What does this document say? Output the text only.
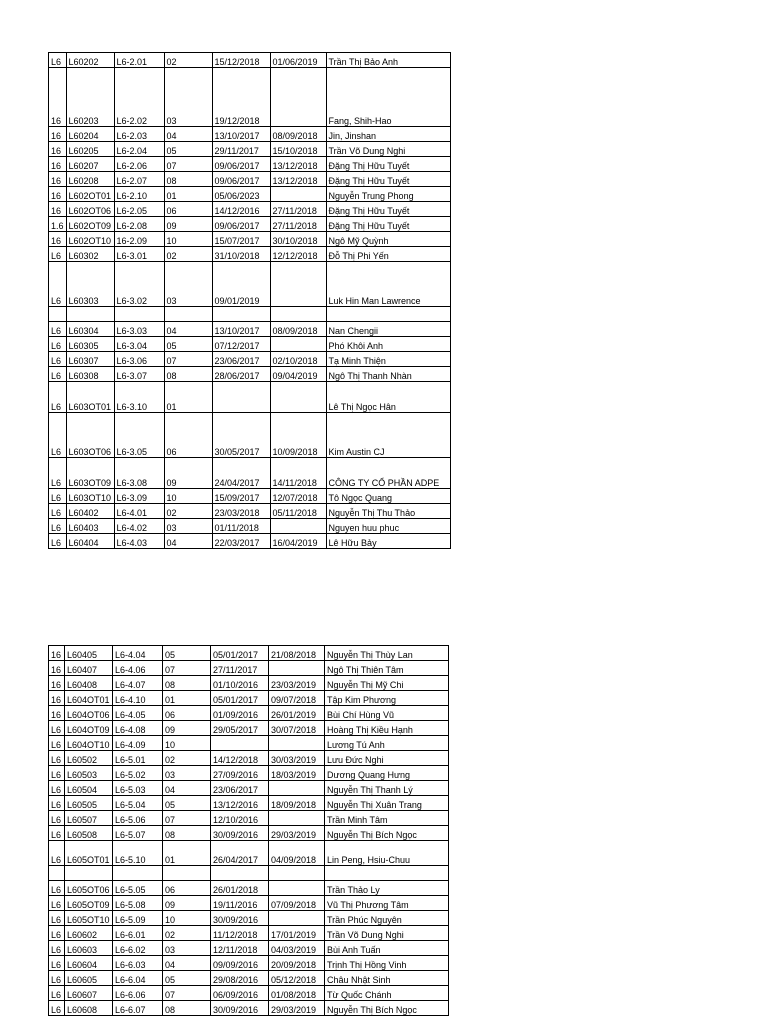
L6	L60202	L6-2.01	02	15/12/2018	01/06/2019	Trần Thị Bảo Anh
16	L60203	L6-2.02	03	19/12/2018		Fang, Shih-Hao
16	L60204	L6-2.03	04	13/10/2017	08/09/2018	Jin, Jinshan
16	L60205	L6-2.04	05	29/11/2017	15/10/2018	Trần Võ Dung Nghi
16	L60207	L6-2.06	07	09/06/2017	13/12/2018	Đặng Thị Hữu Tuyết
16	L60208	L6-2.07	08	09/06/2017	13/12/2018	Đặng Thị Hữu Tuyết
16	L602OT01	L6-2.10	01	05/06/2023		Nguyễn Trung Phong
16	L602OT06	L6-2.05	06	14/12/2016	27/11/2018	Đặng Thị Hữu Tuyết
1.6	L602OT09	L6-2.08	09	09/06/2017	27/11/2018	Đặng Thị Hữu Tuyết
16	L602OT10	16-2.09	10	15/07/2017	30/10/2018	Ngô Mỹ Quỳnh
L6	L60302	L6-3.01	02	31/10/2018	12/12/2018	Đỗ Thị Phi Yến
L6	L60303	L6-3.02	03	09/01/2019		Luk Hin Man Lawrence

L6	L60304	L6-3.03	04	13/10/2017	08/09/2018	Nan Chengii
L6	L60305	L6-3.04	05	07/12/2017		Phó Khôi Anh
L6	L60307	L6-3.06	07	23/06/2017	02/10/2018	Tạ Minh Thiện
L6	L60308	L6-3.07	08	28/06/2017	09/04/2019	Ngô Thị Thanh Nhàn
L6	L603OT01	L6-3.10	01			Lê Thị Ngọc Hân
L6	L603OT06	L6-3.05	06	30/05/2017	10/09/2018	Kim Austin CJ
L6	L603OT09	L6-3.08	09	24/04/2017	14/11/2018	CÔNG TY CỔ PHẦN ADPE
L6	L603OT10	L6-3.09	10	15/09/2017	12/07/2018	Tô Ngọc Quang
L6	L60402	L6-4.01	02	23/03/2018	05/11/2018	Nguyễn Thị Thu Thảo
L6	L60403	L6-4.02	03	01/11/2018		Nguyen huu phuc
L6	L60404	L6-4.03	04	22/03/2017	16/04/2019	Lê Hữu Bảy
16	L60405	L6-4.04	05	05/01/2017	21/08/2018	Nguyễn Thị Thùy Lan
16	L60407	L6-4.06	07	27/11/2017		Ngô Thị Thiên Tâm
16	L60408	L6-4.07	08	01/10/2016	23/03/2019	Nguyễn Thị Mỹ Chi
16	L604OT01	L6-4.10	01	05/01/2017	09/07/2018	Tập Kim Phương
16	L604OT06	L6-4.05	06	01/09/2016	26/01/2019	Bùi Chí Hùng Vũ
L6	L604OT09	L6-4.08	09	29/05/2017	30/07/2018	Hoàng Thị Kiều Hạnh
L6	L604OT10	L6-4.09	10			Lương Tú Anh
L6	L60502	L6-5.01	02	14/12/2018	30/03/2019	Lưu Đức Nghi
L6	L60503	L6-5.02	03	27/09/2016	18/03/2019	Dương Quang Hưng
L6	L60504	L6-5.03	04	23/06/2017		Nguyễn Thị Thanh Lý
L6	L60505	L6-5.04	05	13/12/2016	18/09/2018	Nguyễn Thị Xuân Trang
L6	L60507	L6-5.06	07	12/10/2016		Trần Minh Tâm
L6	L60508	L6-5.07	08	30/09/2016	29/03/2019	Nguyễn Thị Bích Ngọc
L6	L605OT01	L6-5.10	01	26/04/2017	04/09/2018	Lin Peng, Hsiu-Chuu

L6	L605OT06	L6-5.05	06	26/01/2018		Trần Thảo Ly
L6	L605OT09	L6-5.08	09	19/11/2016	07/09/2018	Vũ Thị Phương Tâm
L6	L605OT10	L6-5.09	10	30/09/2016		Trần Phúc Nguyên
L6	L60602	L6-6.01	02	11/12/2018	17/01/2019	Trần Võ Dung Nghi
L6	L60603	L6-6.02	03	12/11/2018	04/03/2019	Bùi Anh Tuấn
L6	L60604	L6-6.03	04	09/09/2016	20/09/2018	Trịnh Thị Hồng Vinh
L6	L60605	L6-6.04	05	29/08/2016	05/12/2018	Châu Nhật Sinh
L6	L60607	L6-6.06	07	06/09/2016	01/08/2018	Từ Quốc Chánh
L6	L60608	L6-6.07	08	30/09/2016	29/03/2019	Nguyễn Thị Bích Ngọc
